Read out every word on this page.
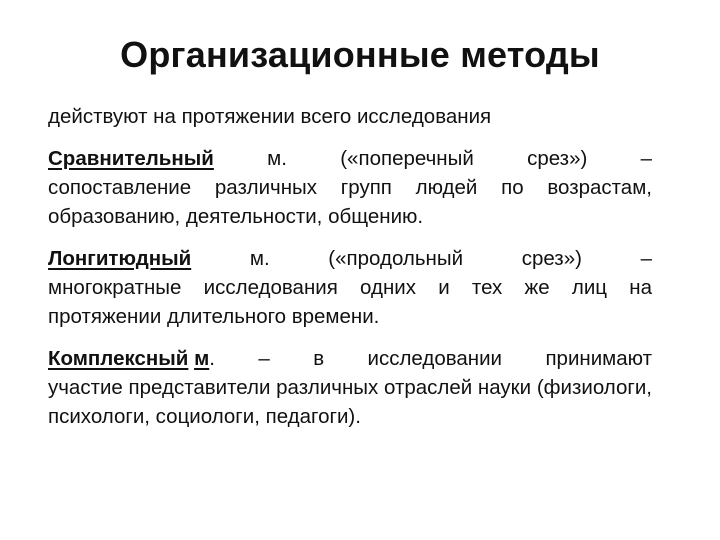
Организационные методы
действуют на протяжении всего исследования
Сравнительный	м.	(«поперечный	срез»)	–
сопоставление различных групп людей по возрастам, образованию, деятельности, общению.
Лонгитюдный	м.	(«продольный	срез»)	–
многократные исследования одних и тех же лиц на протяжении длительного времени.
Комплексный м. – в исследовании принимают
участие представители различных отраслей науки (физиологи, психологи, социологи, педагоги).
